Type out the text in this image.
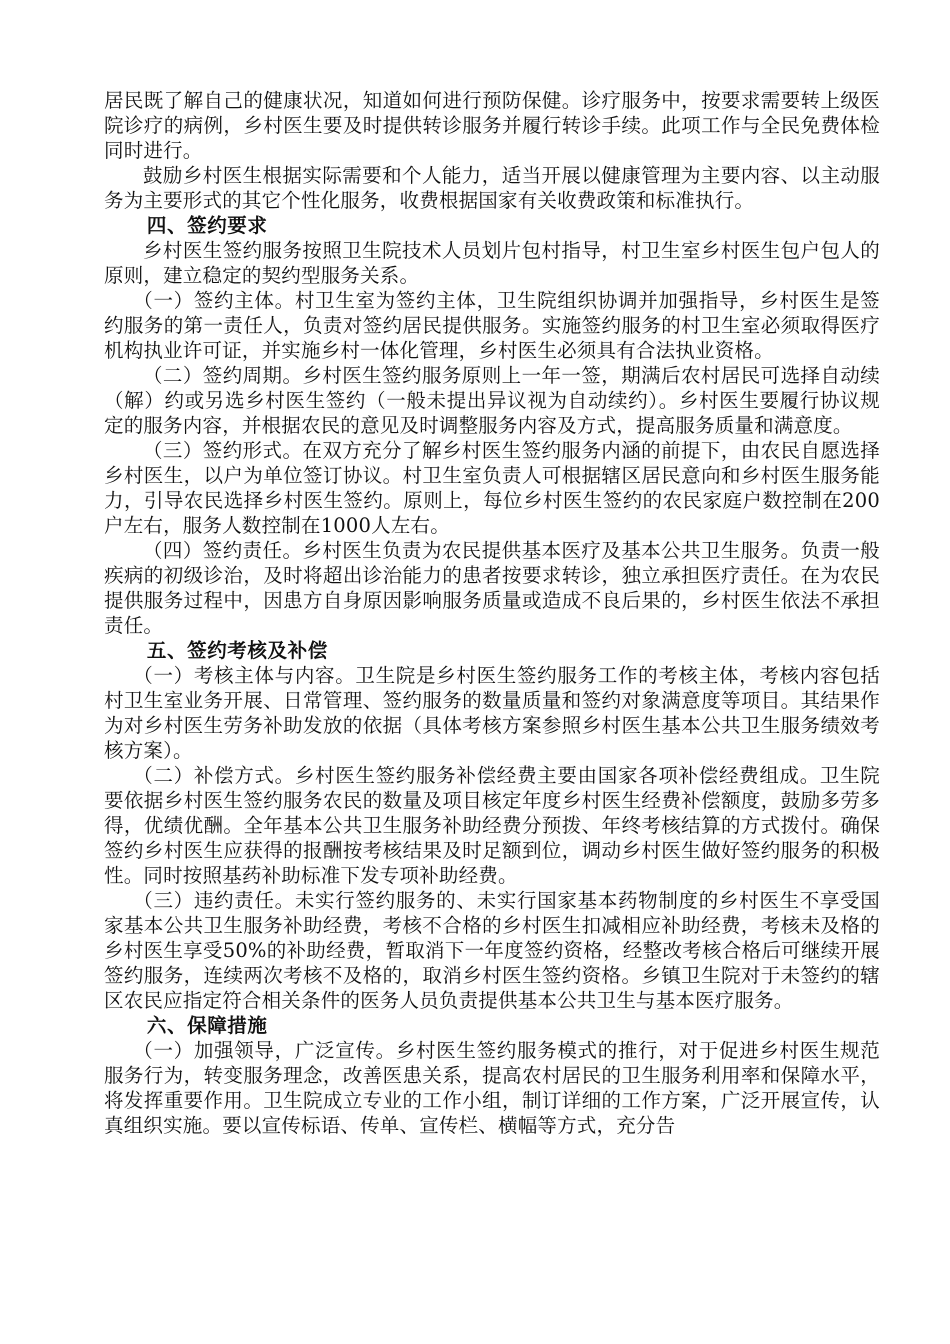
居民既了解自己的健康状况，知道如何进行预防保健。诊疗服务中，按要求需要转上级医院诊疗的病例，乡村医生要及时提供转诊服务并履行转诊手续。此项工作与全民免费体检同时进行。

鼓励乡村医生根据实际需要和个人能力，适当开展以健康管理为主要内容、以主动服务为主要形式的其它个性化服务，收费根据国家有关收费政策和标准执行。

四、签约要求

乡村医生签约服务按照卫生院技术人员划片包村指导，村卫生室乡村医生包户包人的原则，建立稳定的契约型服务关系。

（一）签约主体。村卫生室为签约主体，卫生院组织协调并加强指导，乡村医生是签约服务的第一责任人，负责对签约居民提供服务。实施签约服务的村卫生室必须取得医疗机构执业许可证，并实施乡村一体化管理，乡村医生必须具有合法执业资格。

（二）签约周期。乡村医生签约服务原则上一年一签，期满后农村居民可选择自动续（解）约或另选乡村医生签约（一般未提出异议视为自动续约）。乡村医生要履行协议规定的服务内容，并根据农民的意见及时调整服务内容及方式，提高服务质量和满意度。

（三）签约形式。在双方充分了解乡村医生签约服务内涵的前提下，由农民自愿选择乡村医生，以户为单位签订协议。村卫生室负责人可根据辖区居民意向和乡村医生服务能力，引导农民选择乡村医生签约。原则上，每位乡村医生签约的农民家庭户数控制在200户左右，服务人数控制在1000人左右。

（四）签约责任。乡村医生负责为农民提供基本医疗及基本公共卫生服务。负责一般疾病的初级诊治，及时将超出诊治能力的患者按要求转诊，独立承担医疗责任。在为农民提供服务过程中，因患方自身原因影响服务质量或造成不良后果的，乡村医生依法不承担责任。

五、签约考核及补偿

（一）考核主体与内容。卫生院是乡村医生签约服务工作的考核主体，考核内容包括村卫生室业务开展、日常管理、签约服务的数量质量和签约对象满意度等项目。其结果作为对乡村医生劳务补助发放的依据（具体考核方案参照乡村医生基本公共卫生服务绩效考核方案）。

（二）补偿方式。乡村医生签约服务补偿经费主要由国家各项补偿经费组成。卫生院要依据乡村医生签约服务农民的数量及项目核定年度乡村医生经费补偿额度，鼓励多劳多得，优绩优酬。全年基本公共卫生服务补助经费分预拨、年终考核结算的方式拨付。确保签约乡村医生应获得的报酬按考核结果及时足额到位，调动乡村医生做好签约服务的积极性。同时按照基药补助标准下发专项补助经费。

（三）违约责任。未实行签约服务的、未实行国家基本药物制度的乡村医生不享受国家基本公共卫生服务补助经费，考核不合格的乡村医生扣减相应补助经费，考核未及格的乡村医生享受50%的补助经费，暂取消下一年度签约资格，经整改考核合格后可继续开展签约服务，连续两次考核不及格的，取消乡村医生签约资格。乡镇卫生院对于未签约的辖区农民应指定符合相关条件的医务人员负责提供基本公共卫生与基本医疗服务。

六、保障措施

（一）加强领导，广泛宣传。乡村医生签约服务模式的推行，对于促进乡村医生规范服务行为，转变服务理念，改善医患关系，提高农村居民的卫生服务利用率和保障水平，将发挥重要作用。卫生院成立专业的工作小组，制订详细的工作方案，广泛开展宣传，认真组织实施。要以宣传标语、传单、宣传栏、横幅等方式，充分告
